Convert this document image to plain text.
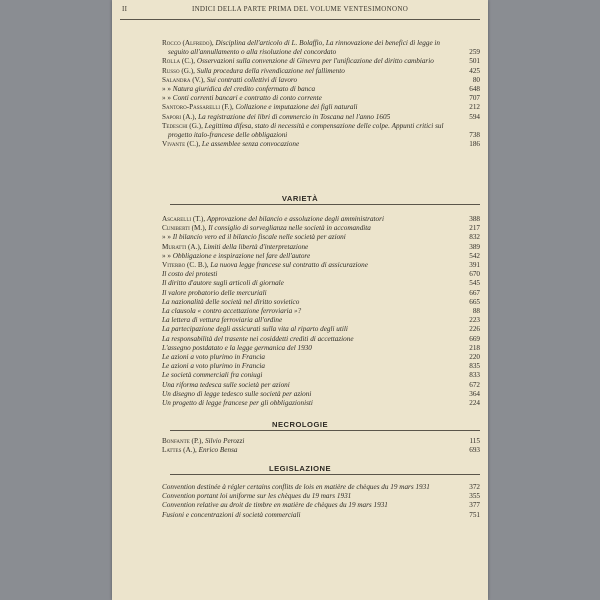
II	INDICI DELLA PARTE PRIMA DEL VOLUME VENTESIMONONO
Rocco (Alfredo), Disciplina dell'articolo di L. Bolaffio, La rinnovazione dei benefici di legge in seguito all'annullamento o alla risoluzione del concordato	259
Rolla (C.), Osservazioni sulla convenzione di Ginevra per l'unificazione del diritto cambiario	501
Russo (G.), Sulla procedura della rivendicazione nel fallimento	425
Salandra (V.), Sui contratti collettivi di lavoro	80
» » Natura giuridica del credito confermato di banca	648
» » Conti correnti bancari e contratto di conto corrente	707
Santoro-Passarelli (F.), Collazione e imputazione dei figli naturali	212
Sapori (A.), La registrazione dei libri di commercio in Toscana nel l'anno 1605	594
Tedeschi (G.), Legittima difesa, stato di necessità e compensazione delle colpe. Appunti critici sul progetto italo-francese delle obbligazioni	738
Vivante (C.), Le assemblee senza convocazione	186
VARIETÀ
Ascarelli (T.), Approvazione del bilancio e assoluzione degli amministratori	388
Cuniberti (M.), Il consiglio di sorveglianza nelle società in accomandita	217
» » Il bilancio vero ed il bilancio fiscale nelle società per azioni	832
Muratti (A.), Limiti della libertà d'interpretazione	389
» » Obbligazione e inspirazione nel fare dell'autore	542
Viterbo (C. B.), La nuova legge francese sul contratto di assicurazione	391
Il costo dei protesti	670
Il diritto d'autore sugli articoli di giornale	545
Il valore probatorio delle mercuriali	667
La nazionalità delle società nel diritto sovietico	665
La clausola « contro accettazione ferroviaria »?	88
La lettera di vettura ferroviaria all'ordine	223
La partecipazione degli assicurati sulla vita al riparto degli utili	226
La responsabilità del trasente nei cosiddetti crediti di accettazione	669
L'assegno postdatato e la legge germanica del 1930	218
Le azioni a voto plurimo in Francia	220
Le azioni a voto plurimo in Francia	835
Le società commerciali fra coniugi	833
Una riforma tedesca sulle società per azioni	672
Un disegno di legge tedesco sulle società per azioni	364
Un progetto di legge francese per gli obbligazionisti	224
NECROLOGIE
Bonfante (P.), Silvio Perozzi	115
Lattes (A.), Enrico Bensa	693
LEGISLAZIONE
Convention destinée à régler certains conflits de lois en matière de chèques du 19 mars 1931	372
Convention portant loi uniforme sur les chèques du 19 mars 1931	355
Convention relative au droit de timbre en matière de chèques du 19 mars 1931	377
Fusioni e concentrazioni di società commerciali	751
